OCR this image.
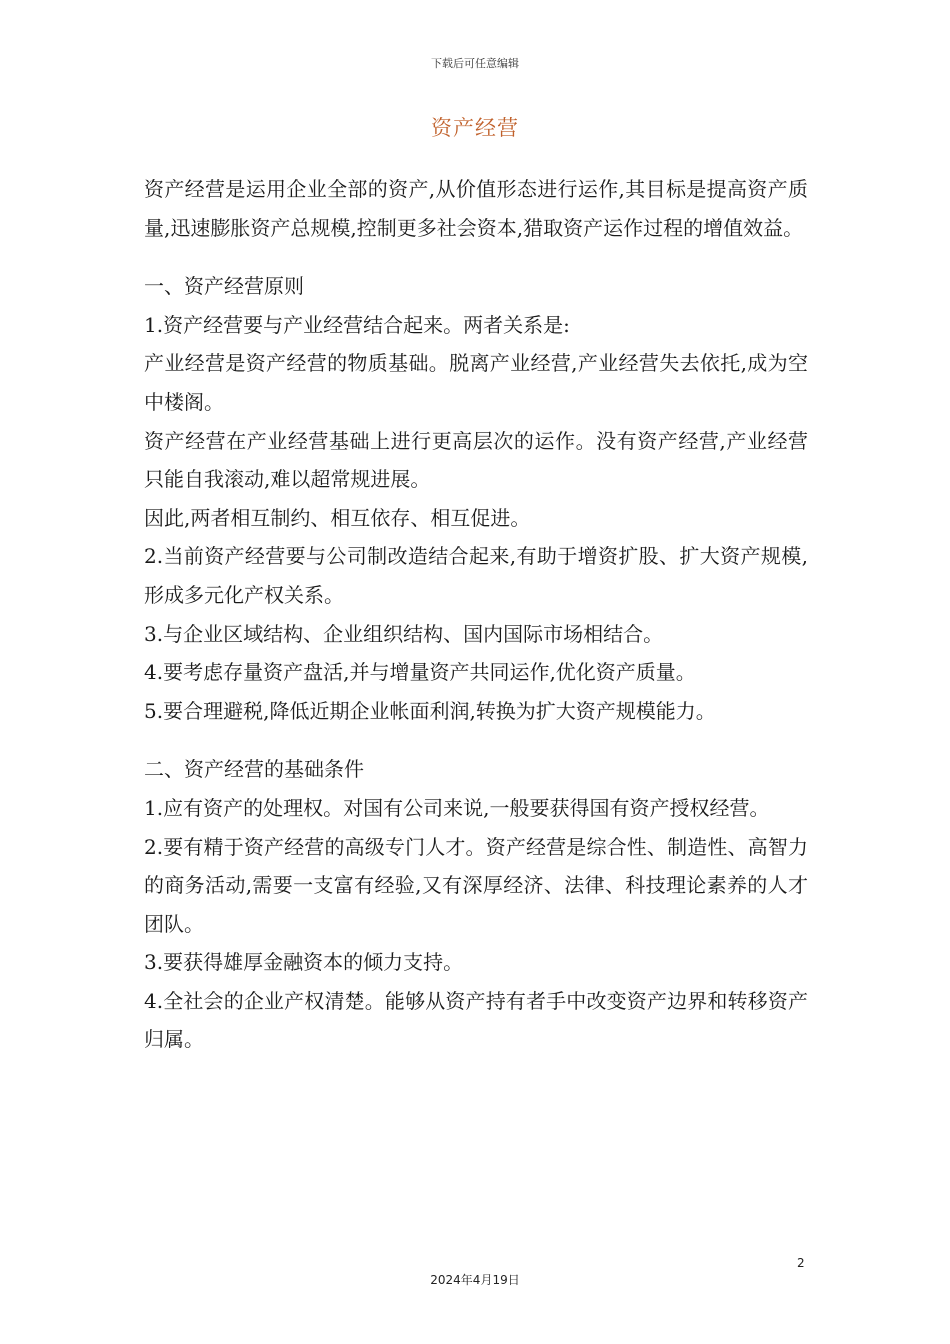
下载后可任意编辑
资产经营

资产经营是运用企业全部的资产,从价值形态进行运作,其目标是提高资产质量,迅速膨胀资产总规模,控制更多社会资本,猎取资产运作过程的增值效益。

一、资产经营原则

1.资产经营要与产业经营结合起来。两者关系是:

产业经营是资产经营的物质基础。脱离产业经营,产业经营失去依托,成为空中楼阁。

资产经营在产业经营基础上进行更高层次的运作。没有资产经营,产业经营只能自我滚动,难以超常规进展。

因此,两者相互制约、相互依存、相互促进。

2.当前资产经营要与公司制改造结合起来,有助于增资扩股、扩大资产规模,形成多元化产权关系。

3.与企业区域结构、企业组织结构、国内国际市场相结合。

4.要考虑存量资产盘活,并与增量资产共同运作,优化资产质量。

5.要合理避税,降低近期企业帐面利润,转换为扩大资产规模能力。

二、资产经营的基础条件

1.应有资产的处理权。对国有公司来说,一般要获得国有资产授权经营。

2.要有精于资产经营的高级专门人才。资产经营是综合性、制造性、高智力的商务活动,需要一支富有经验,又有深厚经济、法律、科技理论素养的人才团队。

3.要获得雄厚金融资本的倾力支持。

4.全社会的企业产权清楚。能够从资产持有者手中改变资产边界和转移资产归属。

2
2024年4月19日
